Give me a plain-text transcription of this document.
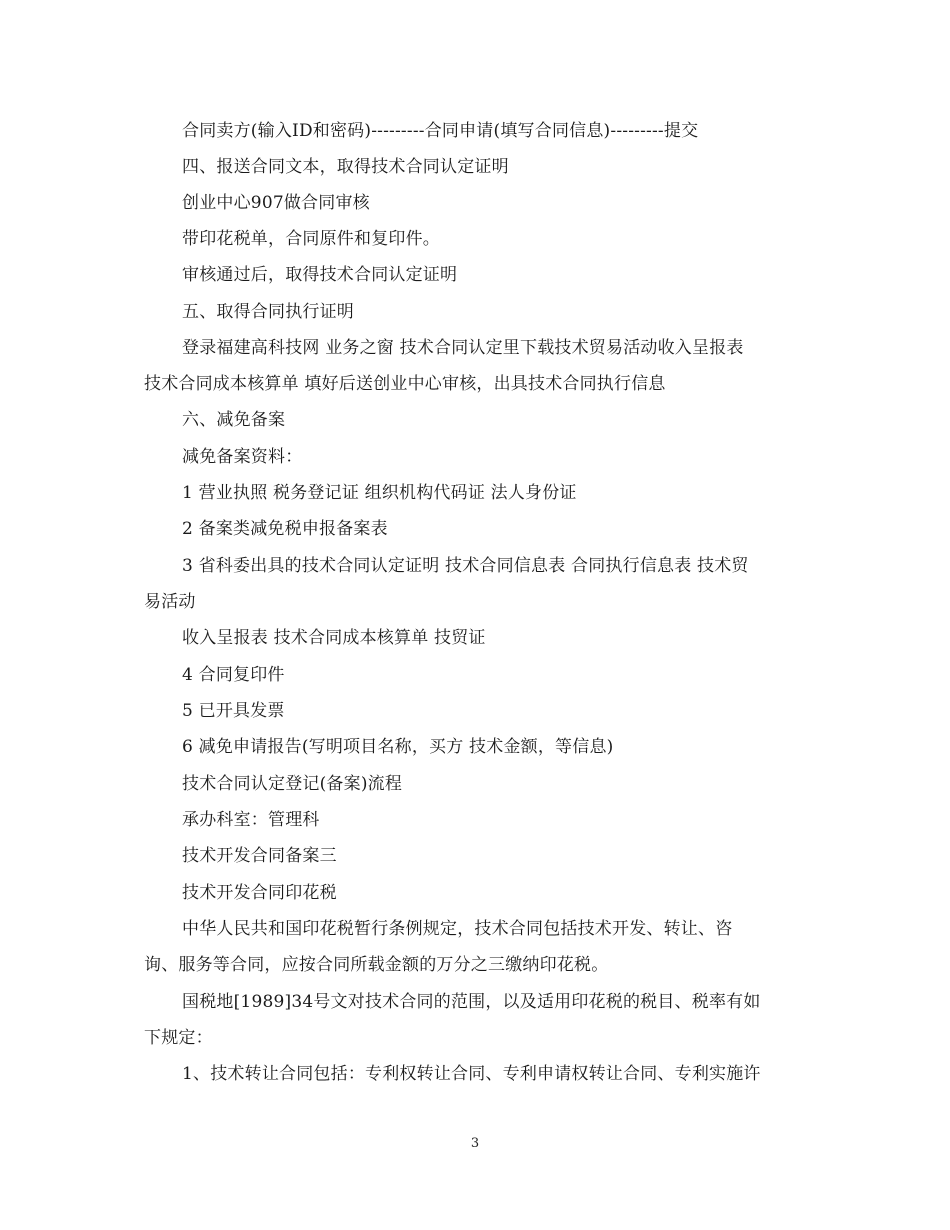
合同卖方(输入ID和密码)---------合同申请(填写合同信息)---------提交
四、报送合同文本，取得技术合同认定证明
创业中心907做合同审核
带印花税单，合同原件和复印件。
审核通过后，取得技术合同认定证明
五、取得合同执行证明
登录福建高科技网 业务之窗 技术合同认定里下载技术贸易活动收入呈报表
技术合同成本核算单 填好后送创业中心审核，出具技术合同执行信息
六、减免备案
减免备案资料：
1 营业执照 税务登记证 组织机构代码证 法人身份证
2 备案类减免税申报备案表
3 省科委出具的技术合同认定证明 技术合同信息表 合同执行信息表 技术贸
易活动
收入呈报表 技术合同成本核算单 技贸证
4 合同复印件
5 已开具发票
6 减免申请报告(写明项目名称，买方 技术金额，等信息)
技术合同认定登记(备案)流程
承办科室：管理科
技术开发合同备案三
技术开发合同印花税
中华人民共和国印花税暂行条例规定，技术合同包括技术开发、转让、咨
询、服务等合同，应按合同所载金额的万分之三缴纳印花税。
国税地[1989]34号文对技术合同的范围，以及适用印花税的税目、税率有如
下规定：
1、技术转让合同包括：专利权转让合同、专利申请权转让合同、专利实施许
3
